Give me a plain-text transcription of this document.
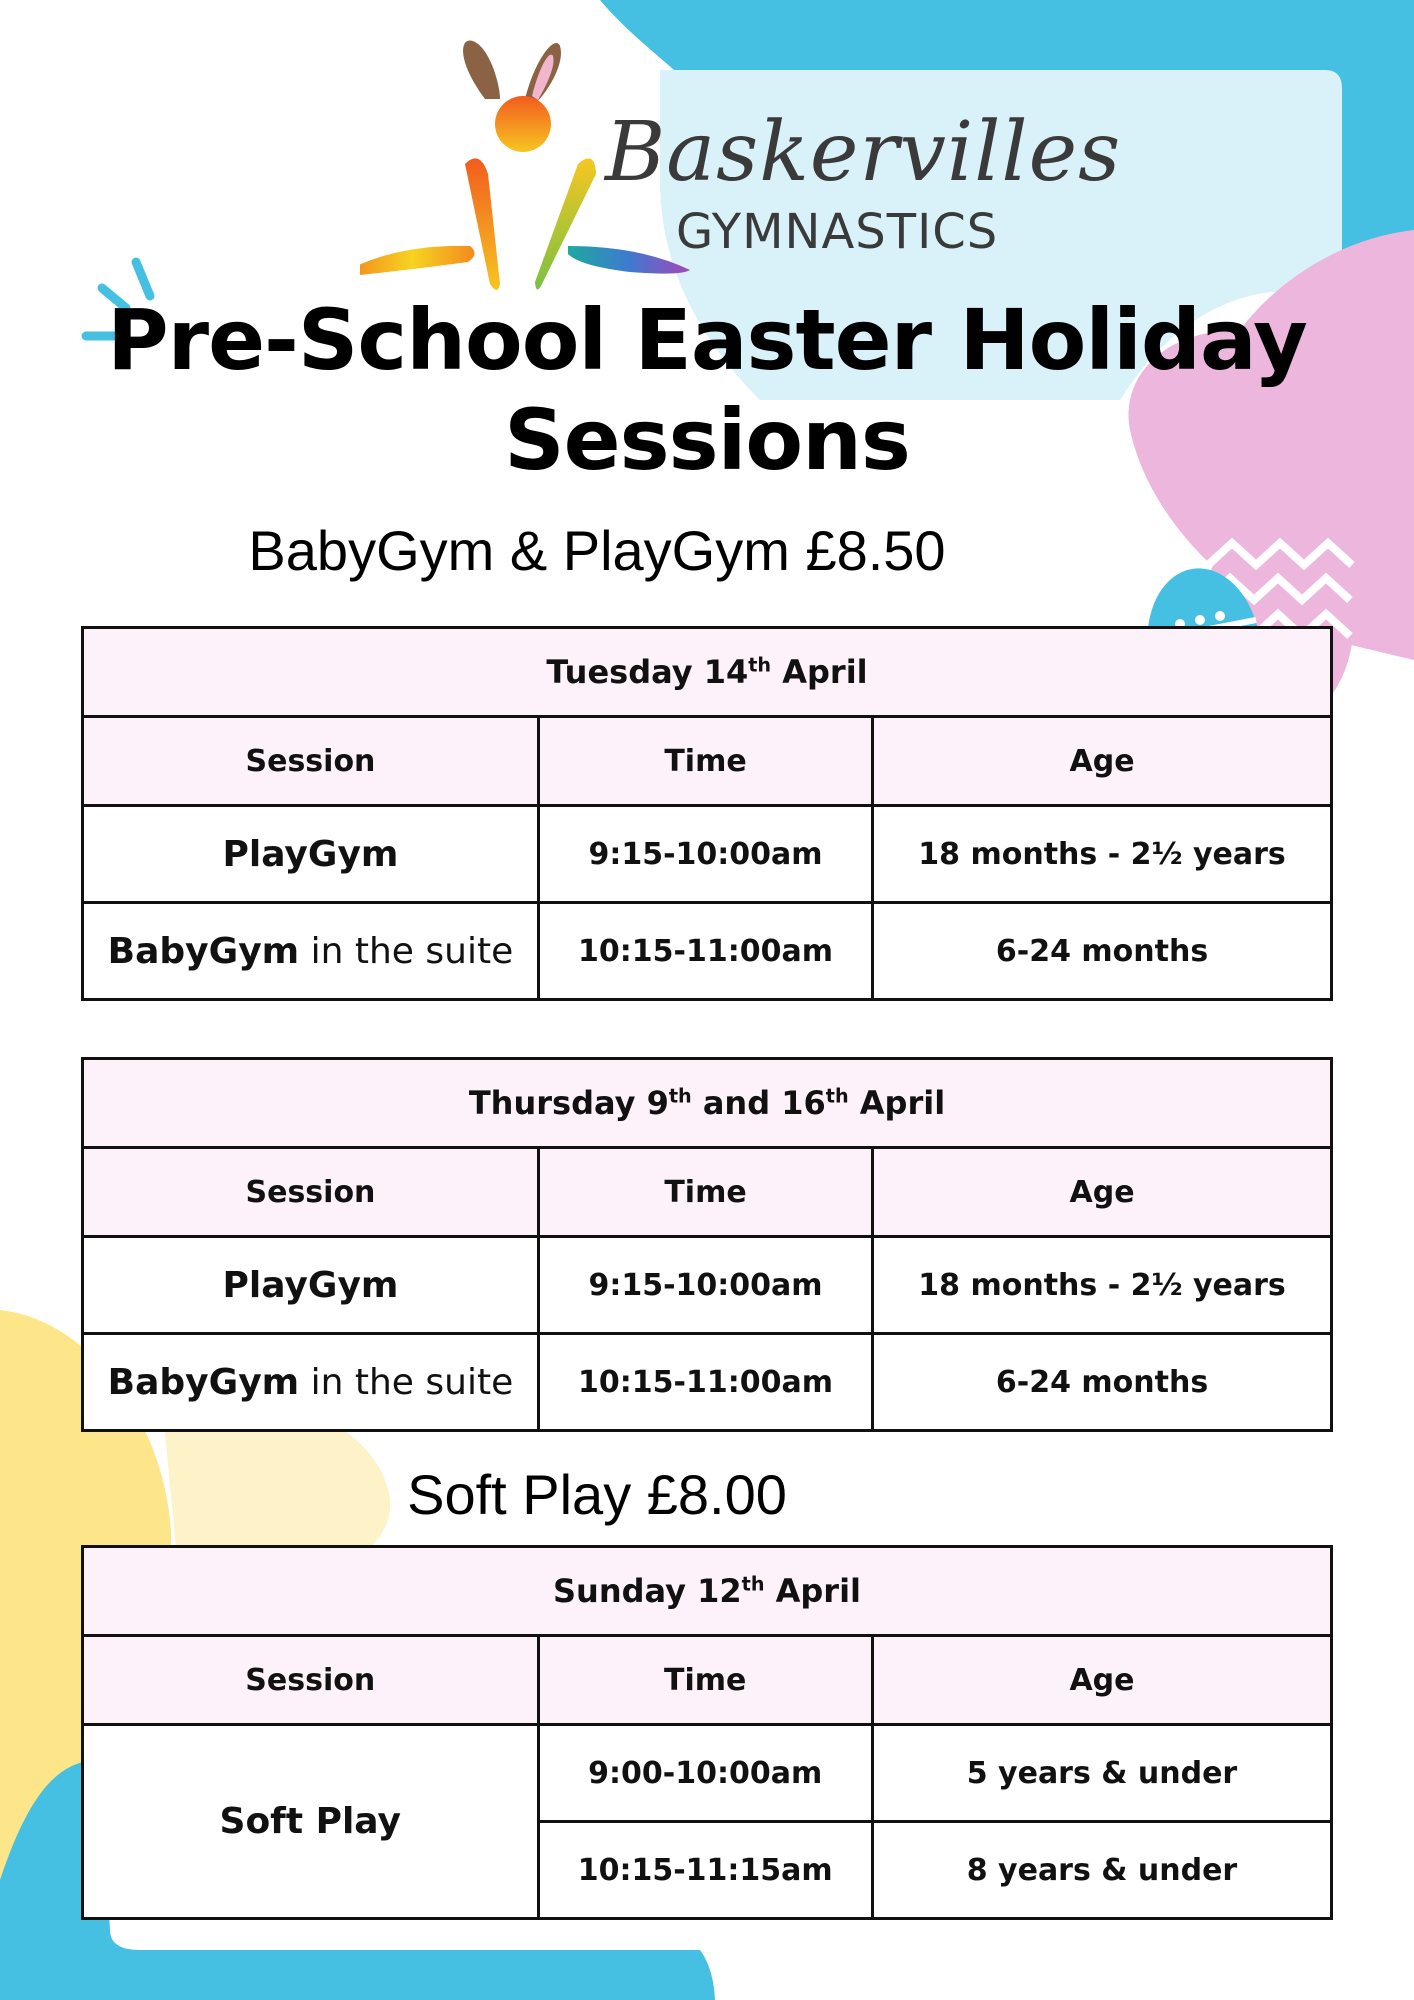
Baskervilles
GYMNASTICS
Pre-School Easter Holiday Sessions
BabyGym & PlayGym £8.50
Tuesday 14th April		
Session	Time	Age
PlayGym	9:15-10:00am	18 months - 2½ years
BabyGym in the suite	10:15-11:00am	6-24 months
Thursday 9th and 16th April		
Session	Time	Age
PlayGym	9:15-10:00am	18 months - 2½ years
BabyGym in the suite	10:15-11:00am	6-24 months
Soft Play £8.00
Sunday 12th April		
Session	Time	Age
Soft Play	9:00-10:00am	5 years & under
	10:15-11:15am	8 years & under
